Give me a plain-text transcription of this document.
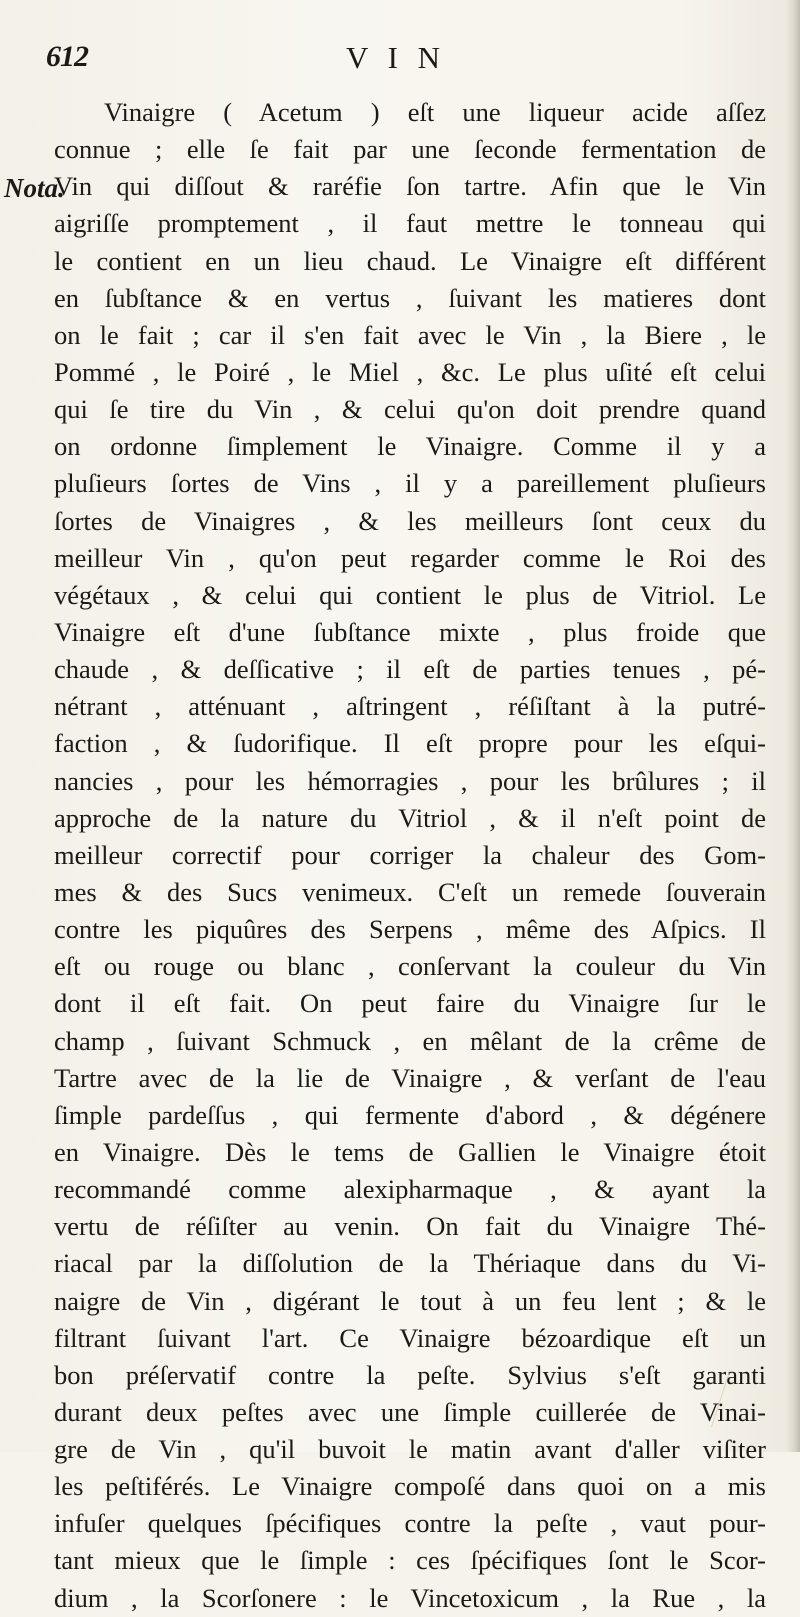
612	V I N
Nota.
Vinaigre ( Acetum ) eſt une liqueur acide aſſez
connue ; elle ſe fait par une ſeconde fermentation de
Vin qui diſſout & raréfie ſon tartre. Afin que le Vin
aigriſſe promptement , il faut mettre le tonneau qui
le contient en un lieu chaud. Le Vinaigre eſt différent
en ſubſtance & en vertus , ſuivant les matieres dont
on le fait ; car il s'en fait avec le Vin , la Biere , le
Pommé , le Poiré , le Miel , &c. Le plus uſité eſt celui
qui ſe tire du Vin , & celui qu'on doit prendre quand
on ordonne ſimplement le Vinaigre. Comme il y a
pluſieurs ſortes de Vins , il y a pareillement pluſieurs
ſortes de Vinaigres , & les meilleurs ſont ceux du
meilleur Vin , qu'on peut regarder comme le Roi des
végétaux , & celui qui contient le plus de Vitriol. Le
Vinaigre eſt d'une ſubſtance mixte , plus froide que
chaude , & deſſicative ; il eſt de parties tenues , pé-
nétrant , atténuant , aſtringent , réſiſtant à la putré-
faction , & ſudorifique. Il eſt propre pour les eſqui-
nancies , pour les hémorragies , pour les brûlures ; il
approche de la nature du Vitriol , & il n'eſt point de
meilleur correctif pour corriger la chaleur des Gom-
mes & des Sucs venimeux. C'eſt un remede ſouverain
contre les piquûres des Serpens , même des Aſpics. Il
eſt ou rouge ou blanc , conſervant la couleur du Vin
dont il eſt fait. On peut faire du Vinaigre ſur le
champ , ſuivant Schmuck , en mêlant de la crême de
Tartre avec de la lie de Vinaigre , & verſant de l'eau
ſimple pardeſſus , qui fermente d'abord , & dégénere
en Vinaigre. Dès le tems de Gallien le Vinaigre étoit
recommandé comme alexipharmaque , & ayant la
vertu de réſiſter au venin. On fait du Vinaigre Thé-
riacal par la diſſolution de la Thériaque dans du Vi-
naigre de Vin , digérant le tout à un feu lent ; & le
filtrant ſuivant l'art. Ce Vinaigre bézoardique eſt un
bon préſervatif contre la peſte. Sylvius s'eſt garanti
durant deux peſtes avec une ſimple cuillerée de Vinai-
gre de Vin , qu'il buvoit le matin avant d'aller viſiter
les peſtiférés. Le Vinaigre compoſé dans quoi on a mis
infuſer quelques ſpécifiques contre la peſte , vaut pour-
tant mieux que le ſimple : ces ſpécifiques ſont le Scor-
dium , la Scorſonere : le Vincetoxicum , la Rue , la
